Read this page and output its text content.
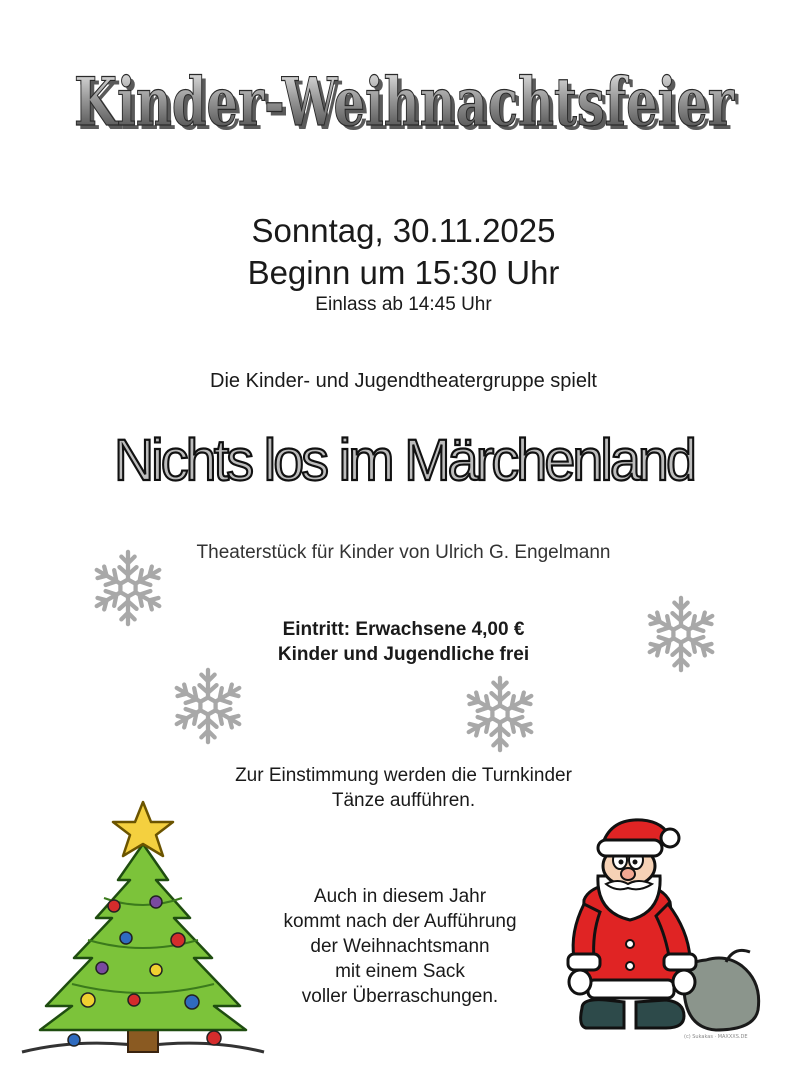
Kinder-Weihnachtsfeier
Kinder-Weihnachtsfeier
Sonntag, 30.11.2025
Beginn um 15:30 Uhr
Einlass ab 14:45 Uhr
Die Kinder- und Jugendtheatergruppe spielt
Nichts los im Märchenland
Theaterstück für Kinder von Ulrich G. Engelmann
Eintritt: Erwachsene 4,00 €
Kinder und Jugendliche frei
Zur Einstimmung werden die Turnkinder
Tänze aufführen.
Auch in diesem Jahr
kommt nach der Aufführung
der Weihnachtsmann
mit einem Sack
voller Überraschungen.
(c) Sukakas · MAXXXS.DE
